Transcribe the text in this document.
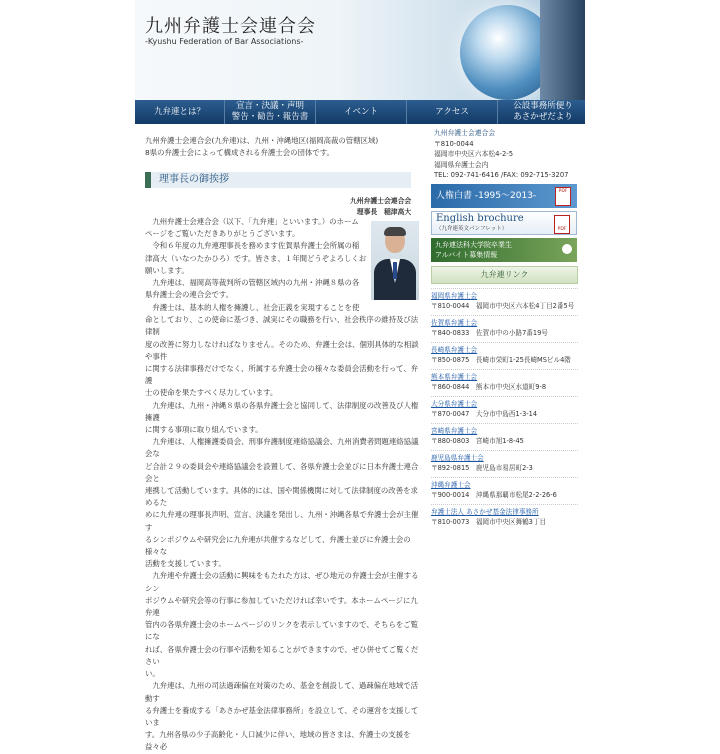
九州弁護士会連合会
-Kyushu Federation of Bar Associations-
九弁連とは？
宣言・決議・声明
警告・勧告・報告書
イベント	アクセス
公設事務所便り
あさかぜだより

九州弁護士会連合会(九弁連)は、九州・沖縄地区(福岡高裁の管轄区域)

8県の弁護士会によって構成される弁護士会の団体です。

理事長の御挨拶
九州弁護士会連合会
理事長　稲津高大

　九州弁護士会連合会（以下、「九弁連」といいます。）のホーム

ページをご覧いただきありがとうございます。

　令和６年度の九弁連理事長を務めます佐賀県弁護士会所属の稲

津高大（いなつたかひろ）です。皆さま、１年間どうぞよろしくお

願いします。

　九弁連は、福岡高等裁判所の管轄区域内の九州・沖縄８県の各

県弁護士会の連合会です。

　弁護士は、基本的人権を擁護し、社会正義を実現することを使

命としており、この使命に基づき、誠実にその職務を行い、社会秩序の維持及び法律制

度の改善に努力しなければなりません。そのため、弁護士会は、個別具体的な相談や事件

に関する法律事務だけでなく、所属する弁護士会の様々な委員会活動を行って、弁護

士の使命を果たすべく尽力しています。

　九弁連は、九州・沖縄８県の各県弁護士会と協同して、法律制度の改善及び人権擁護

に関する事項に取り組んでいます。

　九弁連は、人権擁護委員会、刑事弁護制度連絡協議会、九州消費者問題連絡協議会な

ど合計２９の委員会や連絡協議会を設置して、各県弁護士会並びに日本弁護士連合会と

連携して活動しています。具体的には、国や関係機関に対して法律制度の改善を求めるた

めに九弁連の理事長声明、宣言、決議を発出し、九州・沖縄各県で弁護士会が主催す

るシンポジウムや研究会に九弁連が共催するなどして、弁護士並びに弁護士会の様々な

活動を支援しています。

　九弁連や弁護士会の活動に興味をもたれた方は、ぜひ地元の弁護士会が主催するシン

ポジウムや研究会等の行事に参加していただければ幸いです。本ホームページに九弁連

管内の各県弁護士会のホームページのリンクを表示していますので、そちらをご覧にな

れば、各県弁護士会の行事や活動を知ることができますので、ぜひ併せてご覧ください

い。

　九弁連は、九州の司法過疎偏在対策のため、基金を創設して、過疎偏在地域で活動す

る弁護士を養成する「あさかぜ基金法律事務所」を設立して、その運営を支援していま

す。九州各県の少子高齢化・人口減少に伴い、地域の皆さまは、弁護士の支援を益々必

九州弁護士会連合会
〒810-0044
福岡市中央区六本松4-2-5
福岡県弁護士会内
TEL: 092-741-6416 /FAX: 092-715-3207
人権白書 -1995〜2013-	PDF
English brochure
（九弁連英文パンフレット）	PDF
九弁連法科大学院卒業生
アルバイト募集情報
九弁連リンク
福岡県弁護士会
〒810-0044　福岡市中央区六本松4丁目2番5号
佐賀県弁護士会
〒840-0833　佐賀市中の小路7番19号
長崎県弁護士会
〒850-0875　長崎市栄町1-25長崎MSビル4階
熊本県弁護士会
〒860-0844　熊本市中央区水道町9-8
大分県弁護士会
〒870-0047　大分市中島西1-3-14
宮崎県弁護士会
〒880-0803　宮崎市旭1-8-45
鹿児島県弁護士会
〒892-0815　鹿児島市易居町2-3
沖縄弁護士会
〒900-0014　沖縄県那覇市松尾2-2-26-6
弁護士法人 あさかぜ基金法律事務所
〒810-0073　福岡市中央区舞鶴3丁目
